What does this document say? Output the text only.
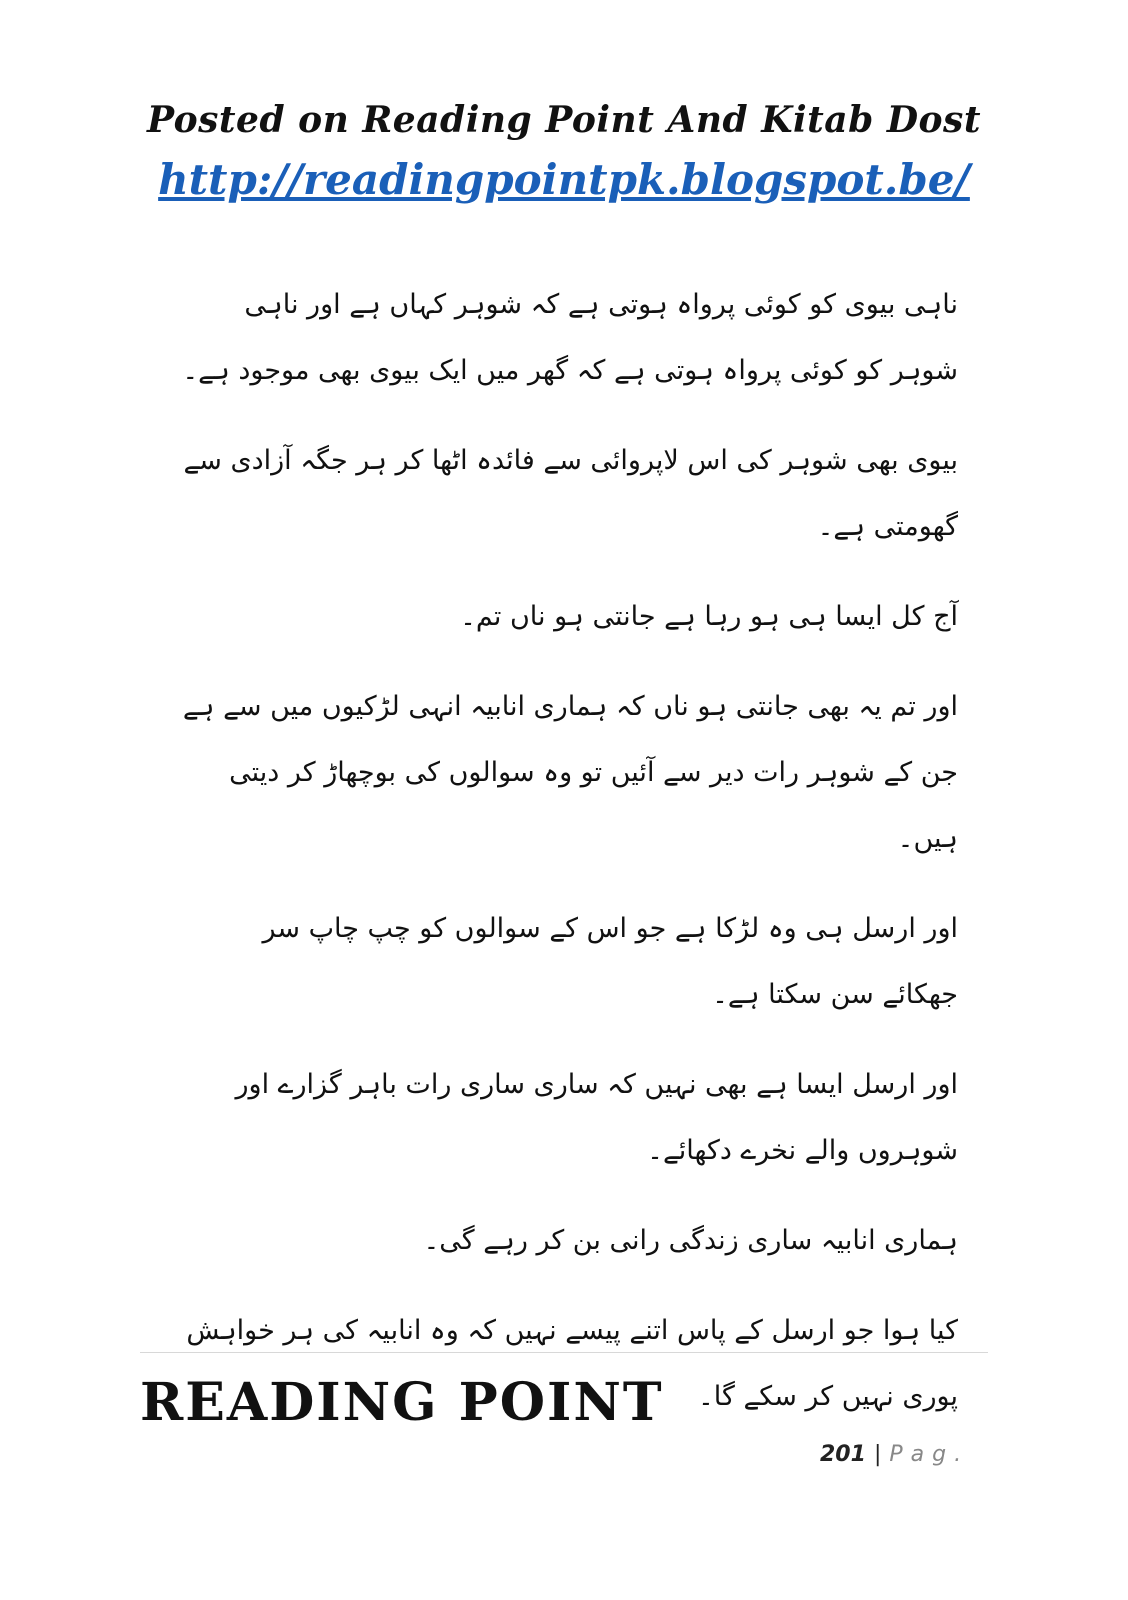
Posted on Reading Point And Kitab Dost
http://readingpointpk.blogspot.be/

ناہی بیوی کو کوئی پرواہ ہوتی ہے کہ شوہر کہاں ہے اور ناہی شوہر کو کوئی پرواہ ہوتی ہے کہ گھر میں ایک بیوی بھی موجود ہے۔

بیوی بھی شوہر کی اس لاپروائی سے فائدہ اٹھا کر ہر جگہ آزادی سے گھومتی ہے۔

آج کل ایسا ہی ہو رہا ہے جانتی ہو ناں تم۔

اور تم یہ بھی جانتی ہو ناں کہ ہماری انابیہ انہی لڑکیوں میں سے ہے جن کے شوہر رات دیر سے آئیں تو وہ سوالوں کی بوچھاڑ کر دیتی ہیں۔

اور ارسل ہی وہ لڑکا ہے جو اس کے سوالوں کو چپ چاپ سر جھکائے سن سکتا ہے۔

اور ارسل ایسا ہے بھی نہیں کہ ساری ساری رات باہر گزارے اور شوہروں والے نخرے دکھائے۔

ہماری انابیہ ساری زندگی رانی بن کر رہے گی۔

کیا ہوا جو ارسل کے پاس اتنے پیسے نہیں کہ وہ انابیہ کی ہر خواہش پوری نہیں کر سکے گا۔

READING POINT
201 | Pag.
